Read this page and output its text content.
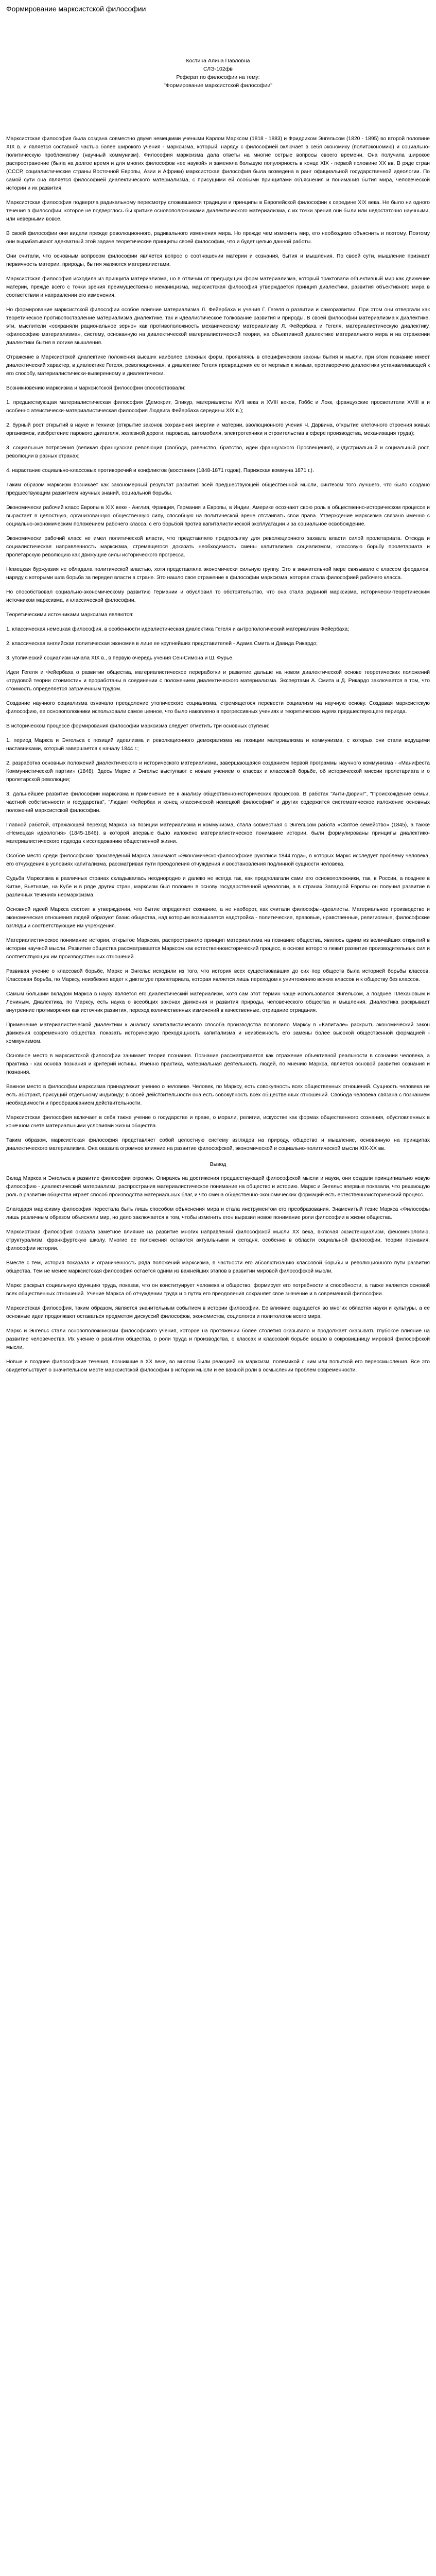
Формирование марксистской философии
Костина Алина Павловна
СЛЭ-102фв
Реферат по философии на тему:
"Формирование марксистской философии"

Марксистская философия была создана совместно двумя немецкими учеными Карлом Марксом (1818 - 1883) и Фридрихом Энгельсом (1820 - 1895) во второй половине XIX в. и является составной частью более широкого учения - марксизма, который, наряду с философией включает в себя экономику (политэкономию) и социально-политическую проблематику (научный коммунизм). Философия марксизма дала ответы на многие острые вопросы своего времени. Она получила широкое распространение (была на долгое время и для многих философов «ее наукой» и заменяла большую популярность в конце XIX - первой половине XX вв. В ряде стран (СССР, социалистические страны Восточной Европы, Азии и Африки) марксистская философия была возведена в ранг официальной государственной идеологии. По самой сути она является философией диалектического материализма, с присущими ей особыми принципами объяснения и понимания бытия мира, человеческой истории и их развития.

Марксистская философия подвергла радикальному пересмотру сложившиеся традиции и принципы в Европейской философии к середине XIX века. Не было ни одного течения в философии, которое не подверглось бы критике основоположниками диалектического материализма, с их точки зрения они были или недостаточно научными, или неверными вовсе.

В своей философии они видели прежде революционного, радикального изменения мира. Но прежде чем изменить мир, его необходимо объяснить и поэтому. Поэтому они вырабатывают адекватный этой задаче теоретические принципы своей философии, что и будет целью данной работы.

Они считали, что основным вопросом философии является вопрос о соотношении материи и сознания, бытия и мышления. По своей сути, мышление признает первичность материи, природы, бытия являются материалистами.

Марксистская философия исходила из принципа материализма, но в отличии от предыдущих форм материализма, который трактовали объективный мир как движение материи, прежде всего с точки зрения преимущественно механицизма, марксистская философия утверждается принцип диалектики, развития объективного мира в соответствии и направлении его изменения.

Но формирование марксистской философии особое влияние материализма Л. Фейербаха и учения Г. Гегеля о развитии и саморазвитии. При этом они отвергали как теоретическое противопоставление материализма диалектике, так и идеалистическое толкование развития и природы. В своей философии материализма к диалектике, эти, мыслители «сохраняли рациональное зерно» как противоположность механическому материализму Л. Фейербаха и Гегеля, материалистическую диалектику, «философию материализма», систему, основанную на диалектической материалистической теории, на объективной диалектике материального мира и на отражении диалектики бытия в логике мышления.

Отражение в Марксистской диалектике положения высших наиболее сложных форм, проявляясь в специфическом законы бытия и мысли, при этом познание имеет диалектический характер, в диалектике Гегеля, революционная, в диалектике Гегеля превращения ее от мертвых к живым, противоречию диалектики устанавливающей к его способу, материалистически-выверенному и диалектически.

Возникновению марксизма и марксистской философии способствовали:

1. предшествующая материалистическая философия (Демокрит, Эпикур, материалисты XVII века и XVIII веков, Гоббс и Локк, французские просветители XVIII в и особенно атеистически-материалистическая философия Людвига Фейербаха середины XIX в.);

2. бурный рост открытий в науке и технике (открытие законов сохранения энергии и материи, эволюционного учения Ч. Дарвина, открытие клеточного строения живых организмов, изобретение парового двигателя, железной дороги, паровоза, автомобиля, электротехники и строительства в сфере производства, механизация труда);

3. социальные потрясения (великая французская революция (свобода, равенство, братство, идеи французского Просвещения), индустриальный и социальный рост, революции в разных странах;

4. нарастание социально-классовых противоречий и конфликтов (восстания (1848-1871 годов), Парижская коммуна 1871 г.).

Таким образом марксизм возникает как закономерный результат развития всей предшествующей общественной мысли, синтезом того лучшего, что было создано предшествующим развитием научных знаний, социальной борьбы.

Экономически рабочий класс Европы в XIX веке - Англия, Франция, Германия и Европы, в Индии, Америке осознают свою роль в общественно-историческом процессе и вырастает в целостную, организованную общественную силу, способную на политической арене отстаивать свои права. Утверждение марксизма связано именно с социально-экономическим положением рабочего класса, с его борьбой против капиталистической эксплуатации и за социальное освобождение.

Экономически рабочий класс не имел политической власти, что представляло предпосылку для революционного захвата власти силой пролетариата. Отсюда и социалистическая направленность марксизма, стремящегося доказать необходимость смены капитализма социализмом, классовую борьбу пролетариата и пролетарскую революцию как движущие силы исторического прогресса.

Немецкая буржуазия не обладала политической властью, хотя представляла экономически сильную группу. Это в значительной мере связывало с классом феодалов, наряду с которыми шла борьба за передел власти в стране. Это нашло свое отражение в философии марксизма, которая стала философией рабочего класса.

Но способствовал социально-экономическому развитию Германии и обусловил то обстоятельство, что она стала родиной марксизма, исторически-теоретическим источником марксизма, и классической философии.

Теоретическими источниками марксизма являются:

1. классическая немецкая философия, в особенности идеалистическая диалектика Гегеля и антропологический материализм Фейербаха;

2. классическая английская политическая экономия в лице ее крупнейших представителей - Адама Смита и Давида Рикардо;

3. утопический социализм начала XIX в., в первую очередь учения Сен-Симона и Ш. Фурье.

Идеи Гегеля и Фейербаха о развитии общества, материалистическое переработки и развитие дальше на новом диалектической основе теоретических положений «трудовой теории стоимости» и проработаны в соединении с положением диалектического материализма. Экспертами А. Смита и Д. Рикардо заключается в том, что стоимость определяется затраченным трудом.

Создание научного социализма означало преодоление утопического социализма, стремящегося перевести социализм на научную основу. Создавая марксистскую философию, ее основоположники использовали самое ценное, что было накоплено в прогрессивных учениях и теоретических идеях предшествующего периода.

В историческом процессе формирования философии марксизма следует отметить три основных ступени:

1. период Маркса и Энгельса с позиций идеализма и революционного демократизма на позиции материализма и коммунизма, с которых они стали ведущими наставниками, который завершается к началу 1844 г.;

2. разработка основных положений диалектического и исторического материализма, завершающаяся созданием первой программы научного коммунизма - «Манифеста Коммунистической партии» (1848). Здесь Маркс и Энгельс выступают с новым учением о классах и классовой борьбе, об исторической миссии пролетариата и о пролетарской революции;

3. дальнейшее развитие философии марксизма и применение ее к анализу общественно-исторических процессов. В работах "Анти-Дюринг", "Происхождение семьи, частной собственности и государства", "Людвиг Фейербах и конец классической немецкой философии" и других содержится систематическое изложение основных положений марксистской философии.

Главной работой, отражающей переход Маркса на позиции материализма и коммунизма, стала совместная с Энгельсом работа «Святое семейство» (1845), а также «Немецкая идеология» (1845-1846), в которой впервые было изложено материалистическое понимание истории, были формулированы принципы диалектико-материалистического подхода к исследованию общественной жизни.

Особое место среди философских произведений Маркса занимают «Экономическо-философские рукописи 1844 года», в которых Маркс исследует проблему человека, его отчуждения в условиях капитализма, рассматривая пути преодоления отчуждения и восстановления подлинной сущности человека.

Судьба Марксизма в различных странах складывалась неоднородно и далеко не всегда так, как предполагали сами его основоположники, так, в России, а позднее в Китае, Вьетнаме, на Кубе и в ряде других стран, марксизм был положен в основу государственной идеологии, а в странах Западной Европы он получил развитие в различных течениях неомарксизма.

Основной идеей Маркса состоит в утверждении, что бытие определяет сознание, а не наоборот, как считали философы-идеалисты. Материальное производство и экономические отношения людей образуют базис общества, над которым возвышается надстройка - политические, правовые, нравственные, религиозные, философские взгляды и соответствующие им учреждения.

Материалистическое понимание истории, открытое Марксом, распространило принцип материализма на познание общества, явилось одним из величайших открытий в истории научной мысли. Развитие общества рассматривается Марксом как естественноисторический процесс, в основе которого лежит развитие производительных сил и соответствующих им производственных отношений.

Развивая учение о классовой борьбе, Маркс и Энгельс исходили из того, что история всех существовавших до сих пор обществ была историей борьбы классов. Классовая борьба, по Марксу, неизбежно ведет к диктатуре пролетариата, которая является лишь переходом к уничтожению всяких классов и к обществу без классов.

Самым большим вкладом Маркса в науку является его диалектический материализм, хотя сам этот термин чаще использовался Энгельсом, а позднее Плехановым и Лениным. Диалектика, по Марксу, есть наука о всеобщих законах движения и развития природы, человеческого общества и мышления. Диалектика раскрывает внутренние противоречия как источник развития, переход количественных изменений в качественные, отрицание отрицания.

Применение материалистической диалектики к анализу капиталистического способа производства позволило Марксу в «Капитале» раскрыть экономический закон движения современного общества, показать историческую преходящность капитализма и неизбежность его замены более высокой общественной формацией - коммунизмом.

Основное место в марксистской философии занимает теория познания. Познание рассматривается как отражение объективной реальности в сознании человека, а практика - как основа познания и критерий истины. Именно практика, материальная деятельность людей, по мнению Маркса, является основой развития сознания и познания.

Важное место в философии марксизма принадлежит учению о человеке. Человек, по Марксу, есть совокупность всех общественных отношений. Сущность человека не есть абстракт, присущий отдельному индивиду; в своей действительности она есть совокупность всех общественных отношений. Свобода человека связана с познанием необходимости и преобразованием действительности.

Марксистская философия включает в себя также учение о государстве и праве, о морали, религии, искусстве как формах общественного сознания, обусловленных в конечном счете материальными условиями жизни общества.

Таким образом, марксистская философия представляет собой целостную систему взглядов на природу, общество и мышление, основанную на принципах диалектического материализма. Она оказала огромное влияние на развитие философской, экономической и социально-политической мысли XIX-XX вв.

Вывод

Вклад Маркса и Энгельса в развитие философии огромен. Опираясь на достижения предшествующей философской мысли и науки, они создали принципиально новую философию - диалектический материализм, распространив материалистическое понимание на общество и историю. Маркс и Энгельс впервые показали, что решающую роль в развитии общества играет способ производства материальных благ, и что смена общественно-экономических формаций есть естественноисторический процесс.

Благодаря марксизму философия перестала быть лишь способом объяснения мира и стала инструментом его преобразования. Знаменитый тезис Маркса «Философы лишь различным образом объясняли мир, но дело заключается в том, чтобы изменить его» выразил новое понимание роли философии в жизни общества.

Марксистская философия оказала заметное влияние на развитие многих направлений философской мысли XX века, включая экзистенциализм, феноменологию, структурализм, франкфуртскую школу. Многие ее положения остаются актуальными и сегодня, особенно в области социальной философии, теории познания, философии истории.

Вместе с тем, история показала и ограниченность ряда положений марксизма, в частности его абсолютизацию классовой борьбы и революционного пути развития общества. Тем не менее марксистская философия остается одним из важнейших этапов в развитии мировой философской мысли.

Маркс раскрыл социальную функцию труда, показав, что он конституирует человека и общество, формирует его потребности и способности, а также является основой всех общественных отношений. Учение Маркса об отчуждении труда и о путях его преодоления сохраняет свое значение и в современной философии.

Марксистская философия, таким образом, является значительным событием в истории философии. Ее влияние ощущается во многих областях науки и культуры, а ее основные идеи продолжают оставаться предметом дискуссий философов, экономистов, социологов и политологов всего мира.

Маркс и Энгельс стали основоположниками философского учения, которое на протяжении более столетия оказывало и продолжает оказывать глубокое влияние на развитие человечества. Их учение о развитии общества, о роли труда и производства, о классах и классовой борьбе вошло в сокровищницу мировой философской мысли.

Новые и позднее философские течения, возникшие в XX веке, во многом были реакцией на марксизм, полемикой с ним или попыткой его переосмысления. Все это свидетельствует о значительном месте марксистской философии в истории мысли и ее важной роли в осмыслении проблем современности.
